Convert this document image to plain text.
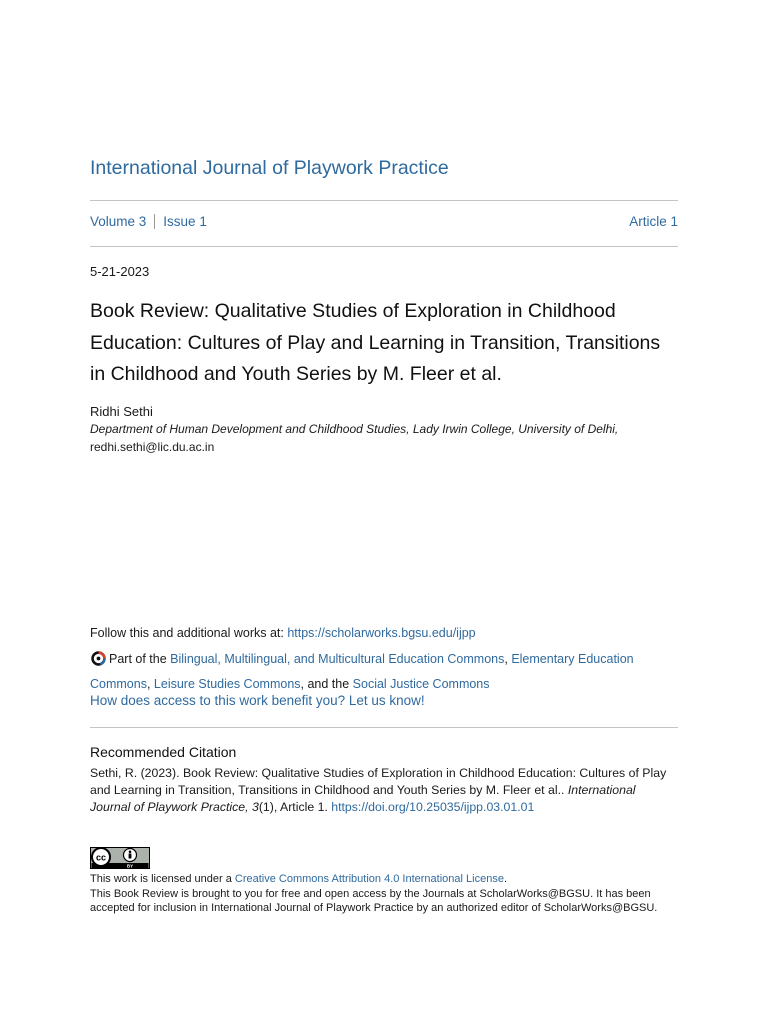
International Journal of Playwork Practice
Volume 3 Issue 1	Article 1
5-21-2023
Book Review: Qualitative Studies of Exploration in Childhood Education: Cultures of Play and Learning in Transition, Transitions in Childhood and Youth Series by M. Fleer et al.
Ridhi Sethi
Department of Human Development and Childhood Studies, Lady Irwin College, University of Delhi,
redhi.sethi@lic.du.ac.in
Follow this and additional works at: https://scholarworks.bgsu.edu/ijpp
Part of the Bilingual, Multilingual, and Multicultural Education Commons, Elementary Education Commons, Leisure Studies Commons, and the Social Justice Commons
How does access to this work benefit you? Let us know!
Recommended Citation
Sethi, R. (2023). Book Review: Qualitative Studies of Exploration in Childhood Education: Cultures of Play and Learning in Transition, Transitions in Childhood and Youth Series by M. Fleer et al.. International Journal of Playwork Practice, 3(1), Article 1. https://doi.org/10.25035/ijpp.03.01.01
cc
BY
This work is licensed under a Creative Commons Attribution 4.0 International License.
This Book Review is brought to you for free and open access by the Journals at ScholarWorks@BGSU. It has been accepted for inclusion in International Journal of Playwork Practice by an authorized editor of ScholarWorks@BGSU.
